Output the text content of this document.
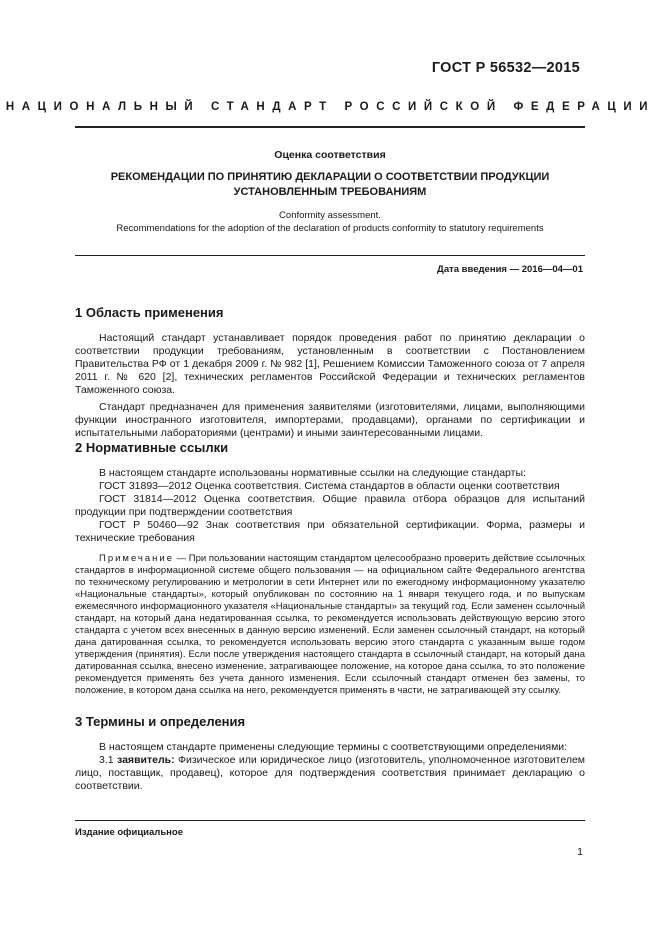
ГОСТ Р 56532—2015
НАЦИОНАЛЬНЫЙ СТАНДАРТ РОССИЙСКОЙ ФЕДЕРАЦИИ
Оценка соответствия
РЕКОМЕНДАЦИИ ПО ПРИНЯТИЮ ДЕКЛАРАЦИИ О СООТВЕТСТВИИ ПРОДУКЦИИ
УСТАНОВЛЕННЫМ ТРЕБОВАНИЯМ
Conformity assessment.
Recommendations for the adoption of the declaration of products conformity to statutory requirements
Дата введения — 2016—04—01
1 Область применения

Настоящий стандарт устанавливает порядок проведения работ по принятию декларации о соответствии продукции требованиям, установленным в соответствии с Постановлением Правительства РФ от 1 декабря 2009 г. № 982 [1], Решением Комиссии Таможенного союза от 7 апреля 2011 г. № 620 [2], технических регламентов Российской Федерации и технических регламентов Таможенного союза.

Стандарт предназначен для применения заявителями (изготовителями, лицами, выполняющими функции иностранного изготовителя, импортерами, продавцами), органами по сертификации и испытательными лабораториями (центрами) и иными заинтересованными лицами.

2 Нормативные ссылки

В настоящем стандарте использованы нормативные ссылки на следующие стандарты:

ГОСТ 31893—2012 Оценка соответствия. Система стандартов в области оценки соответствия

ГОСТ 31814—2012 Оценка соответствия. Общие правила отбора образцов для испытаний продукции при подтверждении соответствия

ГОСТ Р 50460—92 Знак соответствия при обязательной сертификации. Форма, размеры и технические требования

Примечание — При пользовании настоящим стандартом целесообразно проверить действие ссылочных стандартов в информационной системе общего пользования — на официальном сайте Федерального агентства по техническому регулированию и метрологии в сети Интернет или по ежегодному информационному указателю «Национальные стандарты», который опубликован по состоянию на 1 января текущего года, и по выпускам ежемесячного информационного указателя «Национальные стандарты» за текущий год. Если заменен ссылочный стандарт, на который дана недатированная ссылка, то рекомендуется использовать действующую версию этого стандарта с учетом всех внесенных в данную версию изменений. Если заменен ссылочный стандарт, на который дана датированная ссылка, то рекомендуется использовать версию этого стандарта с указанным выше годом утверждения (принятия). Если после утверждения настоящего стандарта в ссылочный стандарт, на который дана датированная ссылка, внесено изменение, затрагивающее положение, на которое дана ссылка, то это положение рекомендуется применять без учета данного изменения. Если ссылочный стандарт отменен без замены, то положение, в котором дана ссылка на него, рекомендуется применять в части, не затрагивающей эту ссылку.

3 Термины и определения

В настоящем стандарте применены следующие термины с соответствующими определениями:

3.1 заявитель: Физическое или юридическое лицо (изготовитель, уполномоченное изготовителем лицо, поставщик, продавец), которое для подтверждения соответствия принимает декларацию о соответствии.

Издание официальное
1
